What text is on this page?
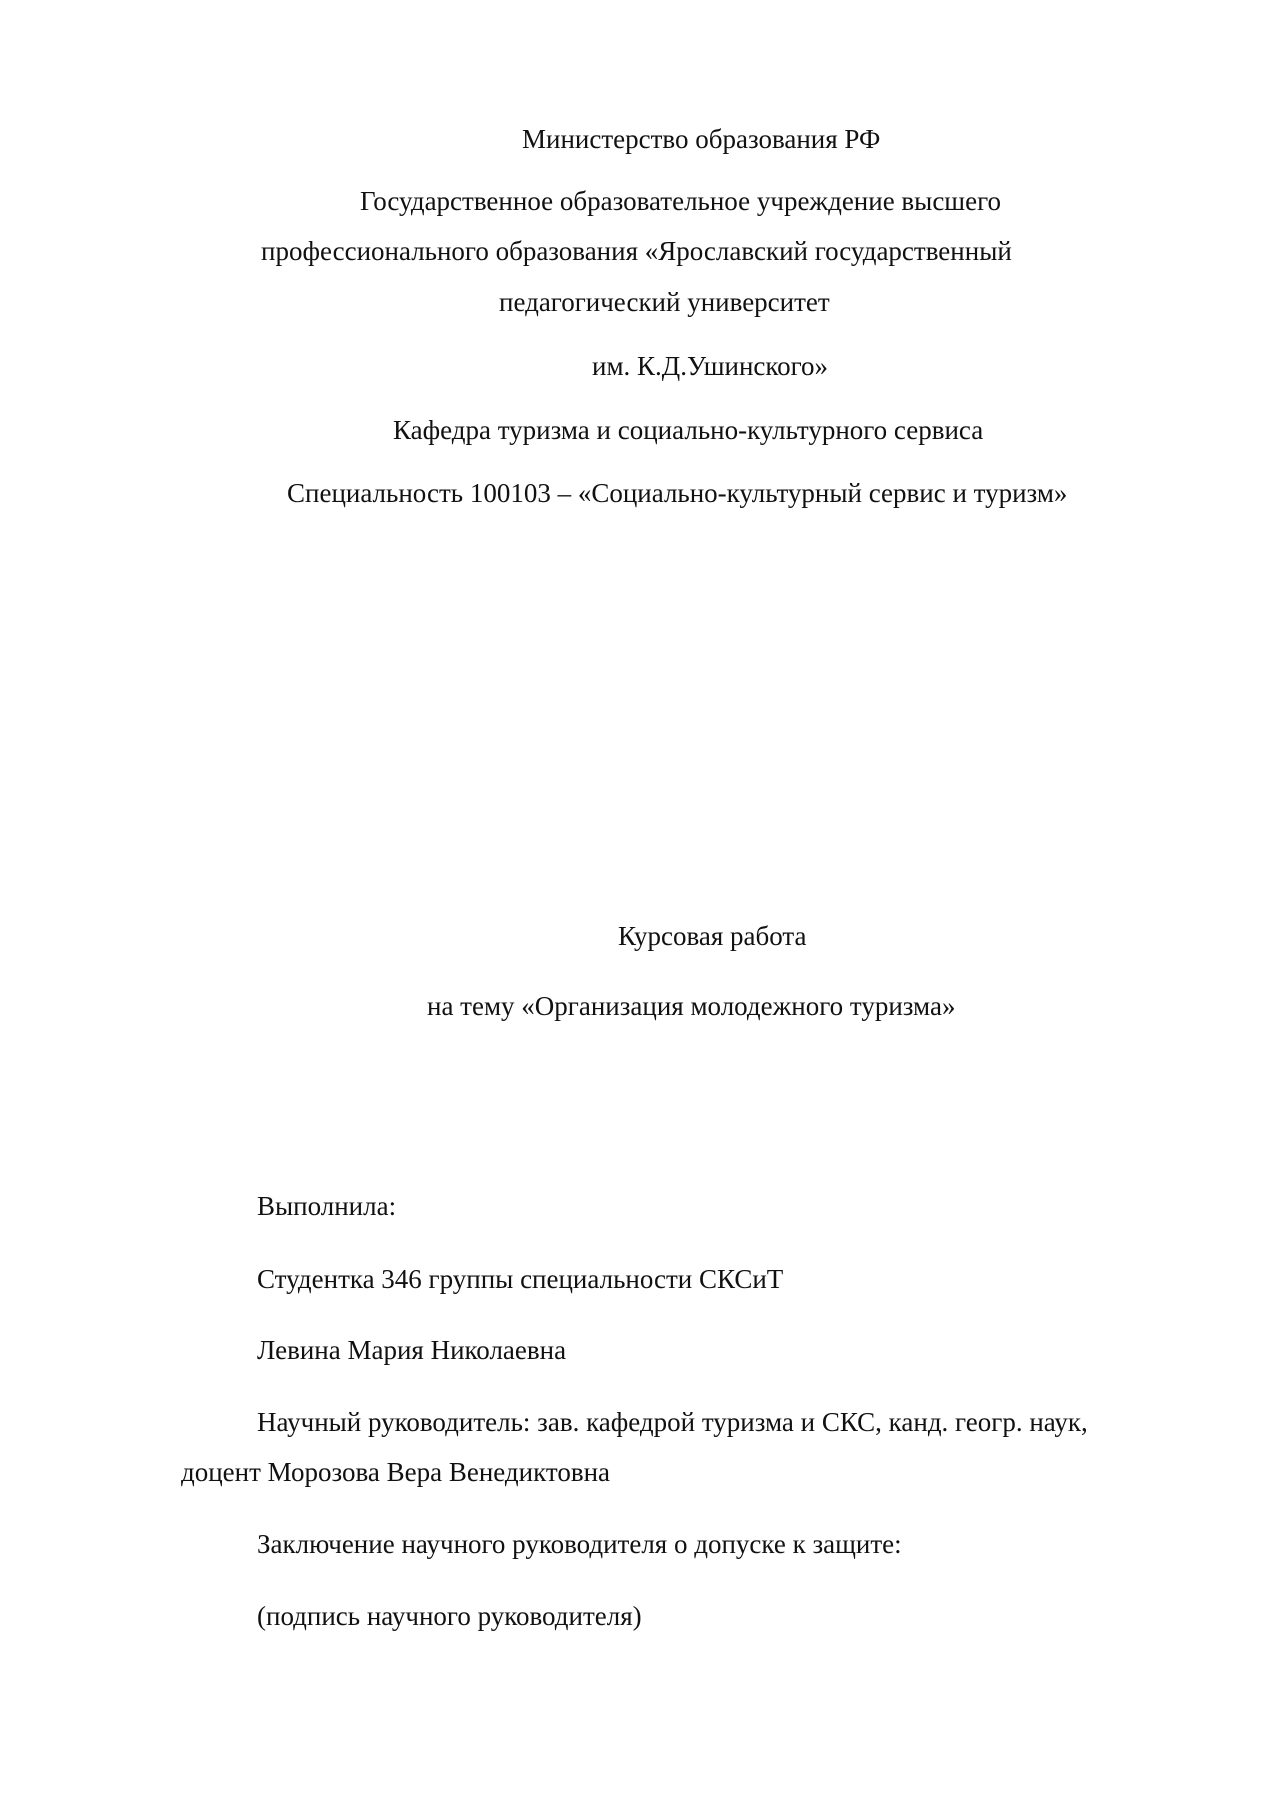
Министерство образования РФ

Государственное образовательное учреждение высшего

профессионального образования «Ярославский государственный

педагогический университет

им. К.Д.Ушинского»

Кафедра туризма и социально-культурного сервиса

Специальность 100103 – «Социально-культурный сервис и туризм»

Курсовая работа

на тему «Организация молодежного туризма»

Выполнила:

Студентка 346 группы специальности СКСиТ

Левина Мария Николаевна

Научный руководитель: зав. кафедрой туризма и СКС, канд. геогр. наук,

доцент Морозова Вера Венедиктовна

Заключение научного руководителя о допуске к защите:

(подпись научного руководителя)
